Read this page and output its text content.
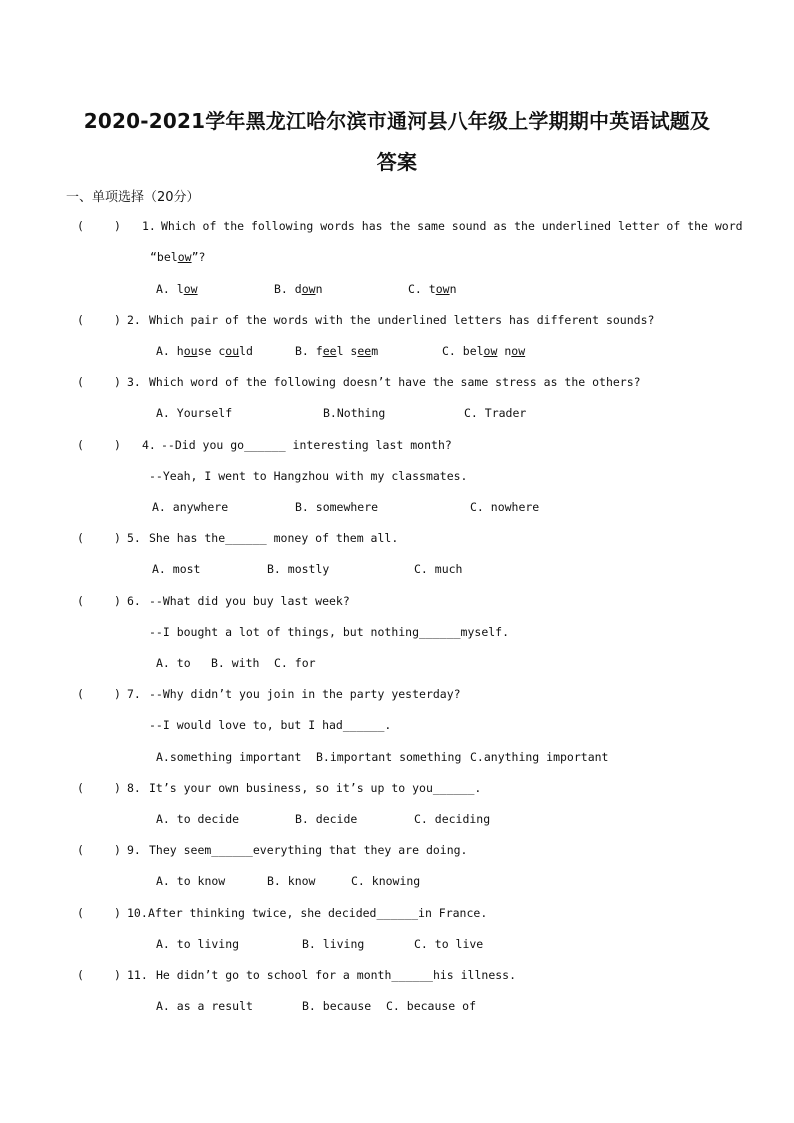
2020-2021学年黑龙江哈尔滨市通河县八年级上学期期中英语试题及
答案
一、单项选择（20分）
(	) 1. Which of the following words has the same sound as the underlined letter of the word
“below”?
A. low	B. down	C. town
(	) 2. Which pair of the words with the underlined letters has different sounds?
A. house could	B. feel seem	C. below now
(	) 3. Which word of the following doesn’t have the same stress as the others?
A. Yourself	B.Nothing	C. Trader
(	) 4. --Did you go______ interesting last month?
--Yeah, I went to Hangzhou with my classmates.
A. anywhere	B. somewhere	C. nowhere
(	) 5. She has the______ money of them all.
A. most	B. mostly	C. much
(	) 6. --What did you buy last week?
--I bought a lot of things, but nothing______myself.
A. to B. with C. for
(	) 7. --Why didn’t you join in the party yesterday?
--I would love to, but I had______.
A.something important B.important something C.anything important
(	) 8. It’s your own business, so it’s up to you______.
A. to decide	B. decide	C. deciding
(	) 9. They seem______everything that they are doing.
A. to know	B. know	C. knowing
(	) 10. After thinking twice, she decided______in France.
A. to living	B. living	C. to live
(	) 11. He didn’t go to school for a month______his illness.
A. as a result	B. because C. because of
